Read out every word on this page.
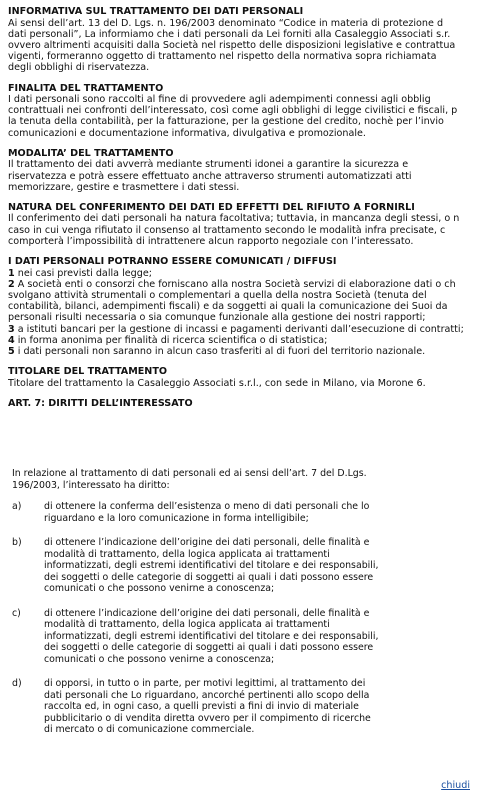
INFORMATIVA SUL TRATTAMENTO DEI DATI PERSONALI
Ai sensi dell’art. 13 del D. Lgs. n. 196/2003 denominato “Codice in materia di protezione d
dati personali”, La informiamo che i dati personali da Lei forniti alla Casaleggio Associati s.r.
ovvero altrimenti acquisiti dalla Società nel rispetto delle disposizioni legislative e contrattua
vigenti, formeranno oggetto di trattamento nel rispetto della normativa sopra richiamata
degli obblighi di riservatezza.
FINALITA DEL TRATTAMENTO
I dati personali sono raccolti al fine di provvedere agli adempimenti connessi agli obblig
contrattuali nei confronti dell’interessato, così come agli obblighi di legge civilistici e fiscali, p
la tenuta della contabilità, per la fatturazione, per la gestione del credito, nochè per l’invio
comunicazioni e documentazione informativa, divulgativa e promozionale.
MODALITA’ DEL TRATTAMENTO
Il trattamento dei dati avverrà mediante strumenti idonei a garantire la sicurezza e
riservatezza e potrà essere effettuato anche attraverso strumenti automatizzati atti
memorizzare, gestire e trasmettere i dati stessi.
NATURA DEL CONFERIMENTO DEI DATI ED EFFETTI DEL RIFIUTO A FORNIRLI
Il conferimento dei dati personali ha natura facoltativa; tuttavia, in mancanza degli stessi, o n
caso in cui venga rifiutato il consenso al trattamento secondo le modalità infra precisate, c
comporterà l’impossibilità di intrattenere alcun rapporto negoziale con l’interessato.
I DATI PERSONALI POTRANNO ESSERE COMUNICATI / DIFFUSI
1 nei casi previsti dalla legge;
2 A società enti o consorzi che forniscano alla nostra Società servizi di elaborazione dati o ch
svolgano attività strumentali o complementari a quella della nostra Società (tenuta del
contabilità, bilanci, adempimenti fiscali) e da soggetti ai quali la comunicazione dei Suoi da
personali risulti necessaria o sia comunque funzionale alla gestione dei nostri rapporti;
3 a istituti bancari per la gestione di incassi e pagamenti derivanti dall’esecuzione di contratti;
4 in forma anonima per finalità di ricerca scientifica o di statistica;
5 i dati personali non saranno in alcun caso trasferiti al di fuori del territorio nazionale.
TITOLARE DEL TRATTAMENTO
Titolare del trattamento la Casaleggio Associati s.r.l., con sede in Milano, via Morone 6.
ART. 7: DIRITTI DELL’INTERESSATO
In relazione al trattamento di dati personali ed ai sensi dell’art. 7 del D.Lgs.
196/2003, l’interessato ha diritto:
a)	di ottenere la conferma dell’esistenza o meno di dati personali che lo
riguardano e la loro comunicazione in forma intelligibile;
b)	di ottenere l’indicazione dell’origine dei dati personali, delle finalità e
modalità di trattamento, della logica applicata ai trattamenti
informatizzati, degli estremi identificativi del titolare e dei responsabili,
dei soggetti o delle categorie di soggetti ai quali i dati possono essere
comunicati o che possono venirne a conoscenza;
c)	di ottenere l’indicazione dell’origine dei dati personali, delle finalità e
modalità di trattamento, della logica applicata ai trattamenti
informatizzati, degli estremi identificativi del titolare e dei responsabili,
dei soggetti o delle categorie di soggetti ai quali i dati possono essere
comunicati o che possono venirne a conoscenza;
d)	di opporsi, in tutto o in parte, per motivi legittimi, al trattamento dei
dati personali che Lo riguardano, ancorché pertinenti allo scopo della
raccolta ed, in ogni caso, a quelli previsti a fini di invio di materiale
pubblicitario o di vendita diretta ovvero per il compimento di ricerche
di mercato o di comunicazione commerciale.
chiudi
